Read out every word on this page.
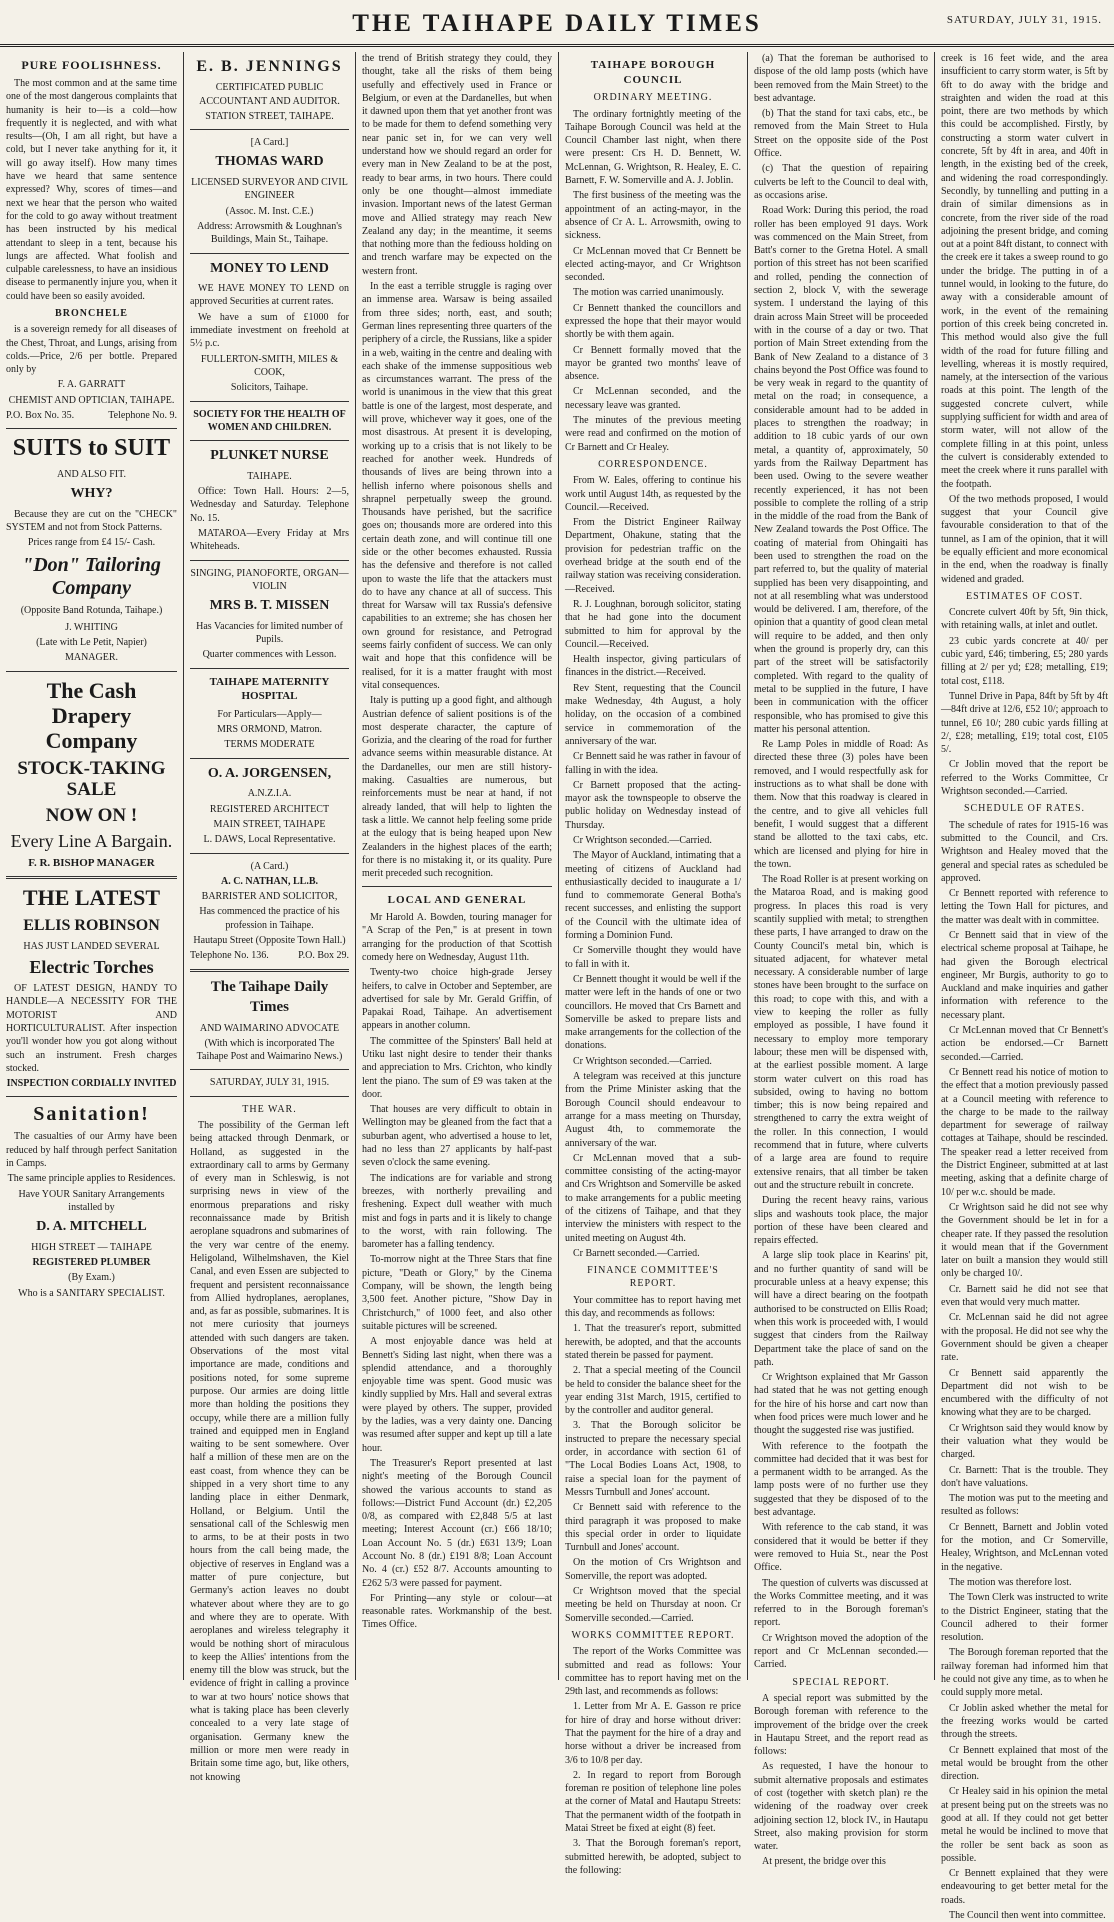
THE TAIHAPE DAILY TIMES	SATURDAY, JULY 31, 1915.
PURE FOOLISHNESS.

The most common and at the same time one of the most dangerous complaints that humanity is heir to—is a cold—how frequently it is neglected, and with what results—(Oh, I am all right, but have a cold, but I never take anything for it, it will go away itself). How many times have we heard that same sentence expressed? Why, scores of times—and next we hear that the person who waited for the cold to go away without treatment has been instructed by his medical attendant to sleep in a tent, because his lungs are affected. What foolish and culpable carelessness, to have an insidious disease to permanently injure you, when it could have been so easily avoided.

BRONCHELE

is a sovereign remedy for all diseases of the Chest, Throat, and Lungs, arising from colds.—Price, 2/6 per bottle. Prepared only by

F. A. GARRATT
CHEMIST AND OPTICIAN, TAIHAPE.
P.O. Box No. 35.	Telephone No. 9.
SUITS to SUIT
AND ALSO FIT.
WHY?

Because they are cut on the "CHECK" SYSTEM and not from Stock Patterns.

Prices range from £4 15/- Cash.
"Don" Tailoring Company
(Opposite Band Rotunda, Taihape.)
J. WHITING
(Late with Le Petit, Napier)
MANAGER.
The Cash Drapery Company
STOCK-TAKING SALE
NOW ON !
Every Line A Bargain.
F. R. BISHOP MANAGER
THE LATEST
ELLIS ROBINSON
HAS JUST LANDED SEVERAL
Electric Torches

OF LATEST DESIGN, HANDY TO HANDLE—A NECESSITY FOR THE MOTORIST AND HORTICULTURALIST. After inspection you'll wonder how you got along without such an instrument. Fresh charges stocked.

INSPECTION CORDIALLY INVITED
Sanitation!

The casualties of our Army have been reduced by half through perfect Sanitation in Camps.

The same principle applies to Residences.
Have YOUR Sanitary Arrangements installed by
D. A. MITCHELL
HIGH STREET — TAIHAPE
REGISTERED PLUMBER
(By Exam.)
Who is a SANITARY SPECIALIST.
E. B. JENNINGS
CERTIFICATED PUBLIC ACCOUNTANT AND AUDITOR.
STATION STREET, TAIHAPE.
[A Card.]
THOMAS WARD
LICENSED SURVEYOR AND CIVIL ENGINEER
(Assoc. M. Inst. C.E.)
Address: Arrowsmith & Loughnan's Buildings, Main St., Taihape.
MONEY TO LEND

WE HAVE MONEY TO LEND on approved Securities at current rates.

We have a sum of £1000 for immediate investment on freehold at 5½ p.c.

FULLERTON-SMITH, MILES & COOK,
Solicitors, Taihape.
SOCIETY FOR THE HEALTH OF WOMEN AND CHILDREN.
PLUNKET NURSE
TAIHAPE.

Office: Town Hall. Hours: 2—5, Wednesday and Saturday. Telephone No. 15.

MATAROA—Every Friday at Mrs Whiteheads.

SINGING, PIANOFORTE, ORGAN—VIOLIN
MRS B. T. MISSEN
Has Vacancies for limited number of Pupils.
Quarter commences with Lesson.
TAIHAPE MATERNITY HOSPITAL
For Particulars—Apply—
MRS ORMOND, Matron.
TERMS MODERATE
O. A. JORGENSEN,
A.N.Z.I.A.
REGISTERED ARCHITECT
MAIN STREET, TAIHAPE
L. DAWS, Local Representative.
(A Card.)
A. C. NATHAN, LL.B.
BARRISTER AND SOLICITOR,
Has commenced the practice of his profession in Taihape.
Hautapu Street (Opposite Town Hall.)
Telephone No. 136.	P.O. Box 29.
The Taihape Daily Times
AND WAIMARINO ADVOCATE
(With which is incorporated The Taihape Post and Waimarino News.)
SATURDAY, JULY 31, 1915.
THE WAR.

The possibility of the German left being attacked through Denmark, or Holland, as suggested in the extraordinary call to arms by Germany of every man in Schleswig, is not surprising news in view of the enormous preparations and risky reconnaissance made by British aeroplane squadrons and submarines of the very war centre of the enemy. Heligoland, Wilhelmshaven, the Kiel Canal, and even Essen are subjected to frequent and persistent reconnaissance from Allied hydroplanes, aeroplanes, and, as far as possible, submarines. It is not mere curiosity that journeys attended with such dangers are taken. Observations of the most vital importance are made, conditions and positions noted, for some supreme purpose. Our armies are doing little more than holding the positions they occupy, while there are a million fully trained and equipped men in England waiting to be sent somewhere. Over half a million of these men are on the east coast, from whence they can be shipped in a very short time to any landing place in either Denmark, Holland, or Belgium. Until the sensational call of the Schleswig men to arms, to be at their posts in two hours from the call being made, the objective of reserves in England was a matter of pure conjecture, but Germany's action leaves no doubt whatever about where they are to go and where they are to operate. With aeroplanes and wireless telegraphy it would be nothing short of miraculous to keep the Allies' intentions from the enemy till the blow was struck, but the evidence of fright in calling a province to war at two hours' notice shows that what is taking place has been cleverly concealed to a very late stage of organisation. Germany knew the million or more men were ready in Britain some time ago, but, like others, not knowing

the trend of British strategy they could, they thought, take all the risks of them being usefully and effectively used in France or Belgium, or even at the Dardanelles, but when it dawned upon them that yet another front was to be made for them to defend something very near panic set in, for we can very well understand how we should regard an order for every man in New Zealand to be at the post, ready to bear arms, in two hours. There could only be one thought—almost immediate invasion. Important news of the latest German move and Allied strategy may reach New Zealand any day; in the meantime, it seems that nothing more than the fediouss holding on and trench warfare may be expected on the western front.

In the east a terrible struggle is raging over an immense area. Warsaw is being assailed from three sides; north, east, and south; German lines representing three quarters of the periphery of a circle, the Russians, like a spider in a web, waiting in the centre and dealing with each shake of the immense suppositious web as circumstances warrant. The press of the world is unanimous in the view that this great battle is one of the largest, most desperate, and will prove, whichever way it goes, one of the most disastrous. At present it is developing, working up to a crisis that is not likely to be reached for another week. Hundreds of thousands of lives are being thrown into a hellish inferno where poisonous shells and shrapnel perpetually sweep the ground. Thousands have perished, but the sacrifice goes on; thousands more are ordered into this certain death zone, and will continue till one side or the other becomes exhausted. Russia has the defensive and therefore is not called upon to waste the life that the attackers must do to have any chance at all of success. This threat for Warsaw will tax Russia's defensive capabilities to an extreme; she has chosen her own ground for resistance, and Petrograd seems fairly confident of success. We can only wait and hope that this confidence will be realised, for it is a matter fraught with most vital consequences.

Italy is putting up a good fight, and although Austrian defence of salient positions is of the most desperate character, the capture of Gorizia, and the clearing of the road for further advance seems within measurable distance. At the Dardanelles, our men are still history-making. Casualties are numerous, but reinforcements must be near at hand, if not already landed, that will help to lighten the task a little. We cannot help feeling some pride at the eulogy that is being heaped upon New Zealanders in the highest places of the earth; for there is no mistaking it, or its quality. Pure merit preceded such recognition.

LOCAL AND GENERAL

Mr Harold A. Bowden, touring manager for "A Scrap of the Pen," is at present in town arranging for the production of that Scottish comedy here on Wednesday, August 11th.

Twenty-two choice high-grade Jersey heifers, to calve in October and September, are advertised for sale by Mr. Gerald Griffin, of Papakai Road, Taihape. An advertisement appears in another column.

The committee of the Spinsters' Ball held at Utiku last night desire to tender their thanks and appreciation to Mrs. Crichton, who kindly lent the piano. The sum of £9 was taken at the door.

That houses are very difficult to obtain in Wellington may be gleaned from the fact that a suburban agent, who advertised a house to let, had no less than 27 applicants by half-past seven o'clock the same evening.

The indications are for variable and strong breezes, with northerly prevailing and freshening. Expect dull weather with much mist and fogs in parts and it is likely to change to the worst, with rain following. The barometer has a falling tendency.

To-morrow night at the Three Stars that fine picture, "Death or Glory," by the Cinema Company, will be shown, the length being 3,500 feet. Another picture, "Show Day in Christchurch," of 1000 feet, and also other suitable pictures will be screened.

A most enjoyable dance was held at Bennett's Siding last night, when there was a splendid attendance, and a thoroughly enjoyable time was spent. Good music was kindly supplied by Mrs. Hall and several extras were played by others. The supper, provided by the ladies, was a very dainty one. Dancing was resumed after supper and kept up till a late hour.

The Treasurer's Report presented at last night's meeting of the Borough Council showed the various accounts to stand as follows:—District Fund Account (dr.) £2,205 0/8, as compared with £2,848 5/5 at last meeting; Interest Account (cr.) £66 18/10; Loan Account No. 5 (dr.) £631 13/9; Loan Account No. 8 (dr.) £191 8/8; Loan Account No. 4 (cr.) £52 8/7. Accounts amounting to £262 5/3 were passed for payment.

For Printing—any style or colour—at reasonable rates. Workmanship of the best. Times Office.

TAIHAPE BOROUGH COUNCIL
ORDINARY MEETING.

The ordinary fortnightly meeting of the Taihape Borough Council was held at the Council Chamber last night, when there were present: Crs H. D. Bennett, W. McLennan, G. Wrightson, R. Healey, E. C. Barnett, F. W. Somerville and A. J. Joblin.

The first business of the meeting was the appointment of an acting-mayor, in the absence of Cr A. L. Arrowsmith, owing to sickness.

Cr McLennan moved that Cr Bennett be elected acting-mayor, and Cr Wrightson seconded.

The motion was carried unanimously.

Cr Bennett thanked the councillors and expressed the hope that their mayor would shortly be with them again.

Cr Bennett formally moved that the mayor be granted two months' leave of absence.

Cr McLennan seconded, and the necessary leave was granted.

The minutes of the previous meeting were read and confirmed on the motion of Cr Barnett and Cr Healey.

CORRESPONDENCE.

From W. Eales, offering to continue his work until August 14th, as requested by the Council.—Received.

From the District Engineer Railway Department, Ohakune, stating that the provision for pedestrian traffic on the overhead bridge at the south end of the railway station was receiving consideration.—Received.

R. J. Loughnan, borough solicitor, stating that he had gone into the document submitted to him for approval by the Council.—Received.

Health inspector, giving particulars of finances in the district.—Received.

Rev Stent, requesting that the Council make Wednesday, 4th August, a holy holiday, on the occasion of a combined service in commemoration of the anniversary of the war.

Cr Bennett said he was rather in favour of falling in with the idea.

Cr Barnett proposed that the acting-mayor ask the townspeople to observe the public holiday on Wednesday instead of Thursday.

Cr Wrightson seconded.—Carried.

The Mayor of Auckland, intimating that a meeting of citizens of Auckland had enthusiastically decided to inaugurate a 1/ fund to commemorate General Botha's recent successes, and enlisting the support of the Council with the ultimate idea of forming a Dominion Fund.

Cr Somerville thought they would have to fall in with it.

Cr Bennett thought it would be well if the matter were left in the hands of one or two councillors. He moved that Crs Barnett and Somerville be asked to prepare lists and make arrangements for the collection of the donations.

Cr Wrightson seconded.—Carried.

A telegram was received at this juncture from the Prime Minister asking that the Borough Council should endeavour to arrange for a mass meeting on Thursday, August 4th, to commemorate the anniversary of the war.

Cr McLennan moved that a sub-committee consisting of the acting-mayor and Crs Wrightson and Somerville be asked to make arrangements for a public meeting of the citizens of Taihape, and that they interview the ministers with respect to the united meeting on August 4th.

Cr Barnett seconded.—Carried.

FINANCE COMMITTEE'S REPORT.

Your committee has to report having met this day, and recommends as follows:

1. That the treasurer's report, submitted herewith, be adopted, and that the accounts stated therein be passed for payment.

2. That a special meeting of the Council be held to consider the balance sheet for the year ending 31st March, 1915, certified to by the controller and auditor general.

3. That the Borough solicitor be instructed to prepare the necessary special order, in accordance with section 61 of "The Local Bodies Loans Act, 1908, to raise a special loan for the payment of Messrs Turnbull and Jones' account.

Cr Bennett said with reference to the third paragraph it was proposed to make this special order in order to liquidate Turnbull and Jones' account.

On the motion of Crs Wrightson and Somerville, the report was adopted.

Cr Wrightson moved that the special meeting be held on Thursday at noon. Cr Somerville seconded.—Carried.

WORKS COMMITTEE REPORT.

The report of the Works Committee was submitted and read as follows: Your committee has to report having met on the 29th last, and recommends as follows:

1. Letter from Mr A. E. Gasson re price for hire of dray and horse without driver: That the payment for the hire of a dray and horse without a driver be increased from 3/6 to 10/8 per day.

2. In regard to report from Borough foreman re position of telephone line poles at the corner of MataI and Hautapu Streets: That the permanent width of the footpath in Matai Street be fixed at eight (8) feet.

3. That the Borough foreman's report, submitted herewith, be adopted, subject to the following:

(a) That the foreman be authorised to dispose of the old lamp posts (which have been removed from the Main Street) to the best advantage.

(b) That the stand for taxi cabs, etc., be removed from the Main Street to Hula Street on the opposite side of the Post Office.

(c) That the question of repairing culverts be left to the Council to deal with, as occasions arise.

Road Work: During this period, the road roller has been employed 91 days. Work was commenced on the Main Street, from Batt's corner to the Gretna Hotel. A small portion of this street has not been scarified and rolled, pending the connection of section 2, block V, with the sewerage system. I understand the laying of this drain across Main Street will be proceeded with in the course of a day or two. That portion of Main Street extending from the Bank of New Zealand to a distance of 3 chains beyond the Post Office was found to be very weak in regard to the quantity of metal on the road; in consequence, a considerable amount had to be added in places to strengthen the roadway; in addition to 18 cubic yards of our own metal, a quantity of, approximately, 50 yards from the Railway Department has been used. Owing to the severe weather recently experienced, it has not been possible to complete the rolling of a strip in the middle of the road from the Bank of New Zealand towards the Post Office. The coating of material from Ohingaiti has been used to strengthen the road on the part referred to, but the quality of material supplied has been very disappointing, and not at all resembling what was understood would be delivered. I am, therefore, of the opinion that a quantity of good clean metal will require to be added, and then only when the ground is properly dry, can this part of the street will be satisfactorily completed. With regard to the quality of metal to be supplied in the future, I have been in communication with the officer responsible, who has promised to give this matter his personal attention.

Re Lamp Poles in middle of Road: As directed these three (3) poles have been removed, and I would respectfully ask for instructions as to what shall be done with them. Now that this roadway is cleared in the centre, and to give all vehicles full benefit, I would suggest that a different stand be allotted to the taxi cabs, etc. which are licensed and plying for hire in the town.

The Road Roller is at present working on the Mataroa Road, and is making good progress. In places this road is very scantily supplied with metal; to strengthen these parts, I have arranged to draw on the County Council's metal bin, which is situated adjacent, for whatever metal necessary. A considerable number of large stones have been brought to the surface on this road; to cope with this, and with a view to keeping the roller as fully employed as possible, I have found it necessary to employ more temporary labour; these men will be dispensed with, at the earliest possible moment. A large storm water culvert on this road has subsided, owing to having no bottom timber; this is now being repaired and strengthened to carry the extra weight of the roller. In this connection, I would recommend that in future, where culverts of a large area are found to require extensive renairs, that all timber be taken out and the structure rebuilt in concrete.

During the recent heavy rains, various slips and washouts took place, the major portion of these have been cleared and repairs effected.

A large slip took place in Kearins' pit, and no further quantity of sand will be procurable unless at a heavy expense; this will have a direct bearing on the footpath authorised to be constructed on Ellis Road; when this work is proceeded with, I would suggest that cinders from the Railway Department take the place of sand on the path.

Cr Wrightson explained that Mr Gasson had stated that he was not getting enough for the hire of his horse and cart now than when food prices were much lower and he thought the suggested rise was justified.

With reference to the footpath the committee had decided that it was best for a permanent width to be arranged. As the lamp posts were of no further use they suggested that they be disposed of to the best advantage.

With reference to the cab stand, it was considered that it would be better if they were removed to Huia St., near the Post Office.

The question of culverts was discussed at the Works Committee meeting, and it was referred to in the Borough foreman's report.

Cr Wrightson moved the adoption of the report and Cr McLennan seconded.—Carried.

SPECIAL REPORT.

A special report was submitted by the Borough foreman with reference to the improvement of the bridge over the creek in Hautapu Street, and the report read as follows:

As requested, I have the honour to submit alternative proposals and estimates of cost (together with sketch plan) re the widening of the roadway over creek adjoining section 12, block IV., in Hautapu Street, also making provision for storm water.

At present, the bridge over this

creek is 16 feet wide, and the area insufficient to carry storm water, is 5ft by 6ft to do away with the bridge and straighten and widen the road at this point, there are two methods by which this could be accomplished. Firstly, by constructing a storm water culvert in concrete, 5ft by 4ft in area, and 40ft in length, in the existing bed of the creek, and widening the road correspondingly. Secondly, by tunnelling and putting in a drain of similar dimensions as in concrete, from the river side of the road adjoining the present bridge, and coming out at a point 84ft distant, to connect with the creek ere it takes a sweep round to go under the bridge. The putting in of a tunnel would, in looking to the future, do away with a considerable amount of work, in the event of the remaining portion of this creek being concreted in. This method would also give the full width of the road for future filling and levelling, whereas it is mostly required, namely, at the intersection of the various roads at this point. The length of the suggested concrete culvert, while supplying sufficient for width and area of storm water, will not allow of the complete filling in at this point, unless the culvert is considerably extended to meet the creek where it runs parallel with the footpath.

Of the two methods proposed, I would suggest that your Council give favourable consideration to that of the tunnel, as I am of the opinion, that it will be equally efficient and more economical in the end, when the roadway is finally widened and graded.

ESTIMATES OF COST.

Concrete culvert 40ft by 5ft, 9in thick, with retaining walls, at inlet and outlet.

23 cubic yards concrete at 40/ per cubic yard, £46; timbering, £5; 280 yards filling at 2/ per yd; £28; metalling, £19; total cost, £118.

Tunnel Drive in Papa, 84ft by 5ft by 4ft—84ft drive at 12/6, £52 10/; approach to tunnel, £6 10/; 280 cubic yards filling at 2/, £28; metalling, £19; total cost, £105 5/.

Cr Joblin moved that the report be referred to the Works Committee, Cr Wrightson seconded.—Carried.

SCHEDULE OF RATES.

The schedule of rates for 1915-16 was submitted to the Council, and Crs. Wrightson and Healey moved that the general and special rates as scheduled be approved.

Cr Bennett reported with reference to letting the Town Hall for pictures, and the matter was dealt with in committee.

Cr Bennett said that in view of the electrical scheme proposal at Taihape, he had given the Borough electrical engineer, Mr Burgis, authority to go to Auckland and make inquiries and gather information with reference to the necessary plant.

Cr McLennan moved that Cr Bennett's action be endorsed.—Cr Barnett seconded.—Carried.

Cr Bennett read his notice of motion to the effect that a motion previously passed at a Council meeting with reference to the charge to be made to the railway department for sewerage of railway cottages at Taihape, should be rescinded. The speaker read a letter received from the District Engineer, submitted at at last meeting, asking that a definite charge of 10/ per w.c. should be made.

Cr Wrightson said he did not see why the Government should be let in for a cheaper rate. If they passed the resolution it would mean that if the Government later on built a mansion they would still only be charged 10/.

Cr. Barnett said he did not see that even that would very much matter.

Cr. McLennan said he did not agree with the proposal. He did not see why the Government should be given a cheaper rate.

Cr Bennett said apparently the Department did not wish to be encumbered with the difficulty of not knowing what they are to be charged.

Cr Wrightson said they would know by their valuation what they would be charged.

Cr. Barnett: That is the trouble. They don't have valuations.

The motion was put to the meeting and resulted as follows:

Cr Bennett, Barnett and Joblin voted for the motion, and Cr Somerville, Healey, Wrightson, and McLennan voted in the negative.

The motion was therefore lost.

The Town Clerk was instructed to write to the District Engineer, stating that the Council adhered to their former resolution.

The Borough foreman reported that the railway foreman had informed him that he could not give any time, as to when he could supply more metal.

Cr Joblin asked whether the metal for the freezing works would be carted through the streets.

Cr Bennett explained that most of the metal would be brought from the other direction.

Cr Healey said in his opinion the metal at present being put on the streets was no good at all. If they could not get better metal he would be inclined to move that the roller be sent back as soon as possible.

Cr Bennett explained that they were endeavouring to get better metal for the roads.

The Council then went into committee.
